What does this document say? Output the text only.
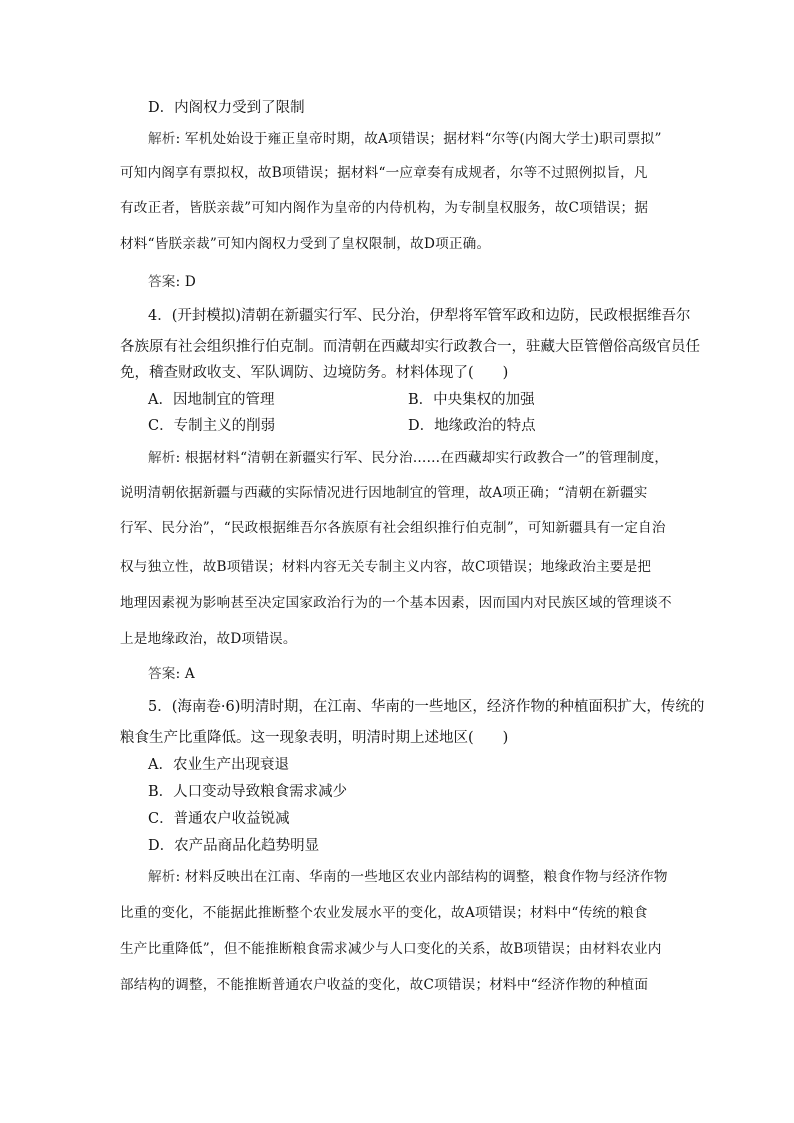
D．内阁权力受到了限制
解析: 军机处始设于雍正皇帝时期，故A项错误；据材料“尔等(内阁大学士)职司票拟”
可知内阁享有票拟权，故B项错误；据材料“一应章奏有成规者，尔等不过照例拟旨，凡
有改正者，皆朕亲裁”可知内阁作为皇帝的内侍机构，为专制皇权服务，故C项错误；据
材料“皆朕亲裁”可知内阁权力受到了皇权限制，故D项正确。
答案: D
4．(开封模拟)清朝在新疆实行军、民分治，伊犁将军管军政和边防，民政根据维吾尔
各族原有社会组织推行伯克制。而清朝在西藏却实行政教合一，驻藏大臣管僧俗高级官员任
免，稽查财政收支、军队调防、边境防务。材料体现了(　　)
A．因地制宜的管理	B．中央集权的加强
C．专制主义的削弱	D．地缘政治的特点
解析: 根据材料“清朝在新疆实行军、民分治……在西藏却实行政教合一”的管理制度，
说明清朝依据新疆与西藏的实际情况进行因地制宜的管理，故A项正确；“清朝在新疆实
行军、民分治”，“民政根据维吾尔各族原有社会组织推行伯克制”，可知新疆具有一定自治
权与独立性，故B项错误；材料内容无关专制主义内容，故C项错误；地缘政治主要是把
地理因素视为影响甚至决定国家政治行为的一个基本因素，因而国内对民族区域的管理谈不
上是地缘政治，故D项错误。
答案: A
5．(海南卷·6)明清时期，在江南、华南的一些地区，经济作物的种植面积扩大，传统的
粮食生产比重降低。这一现象表明，明清时期上述地区(　　)
A．农业生产出现衰退
B．人口变动导致粮食需求减少
C．普通农户收益锐减
D．农产品商品化趋势明显
解析: 材料反映出在江南、华南的一些地区农业内部结构的调整，粮食作物与经济作物
比重的变化，不能据此推断整个农业发展水平的变化，故A项错误；材料中“传统的粮食
生产比重降低”，但不能推断粮食需求减少与人口变化的关系，故B项错误；由材料农业内
部结构的调整，不能推断普通农户收益的变化，故C项错误；材料中“经济作物的种植面
